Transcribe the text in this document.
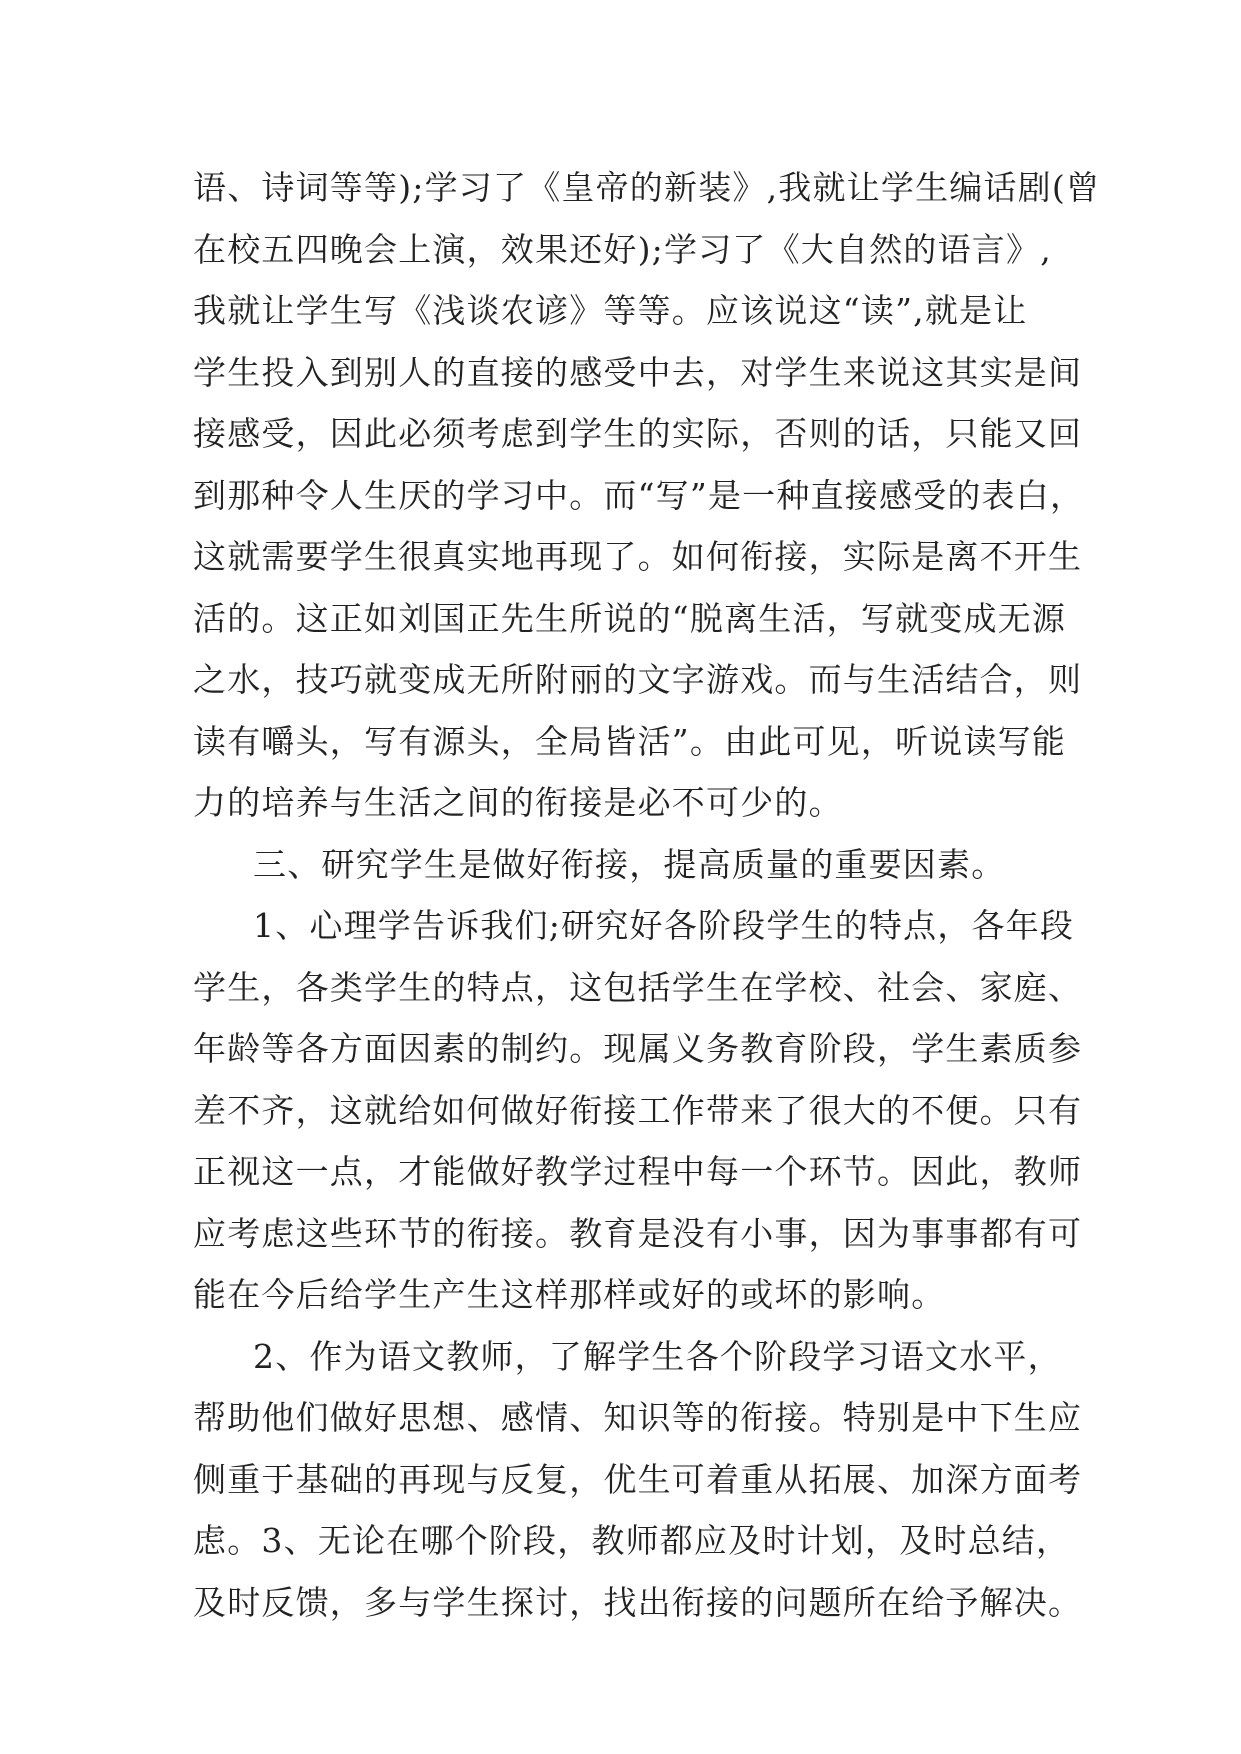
语、诗词等等);学习了《皇帝的新装》,我就让学生编话剧(曾
在校五四晚会上演，效果还好);学习了《大自然的语言》,
我就让学生写《浅谈农谚》等等。应该说这“读”,就是让
学生投入到别人的直接的感受中去，对学生来说这其实是间
接感受，因此必须考虑到学生的实际，否则的话，只能又回
到那种令人生厌的学习中。而“写”是一种直接感受的表白，
这就需要学生很真实地再现了。如何衔接，实际是离不开生
活的。这正如刘国正先生所说的“脱离生活，写就变成无源
之水，技巧就变成无所附丽的文字游戏。而与生活结合，则
读有嚼头，写有源头，全局皆活”。由此可见，听说读写能
力的培养与生活之间的衔接是必不可少的。
三、研究学生是做好衔接，提高质量的重要因素。
1、心理学告诉我们;研究好各阶段学生的特点，各年段
学生，各类学生的特点，这包括学生在学校、社会、家庭、
年龄等各方面因素的制约。现属义务教育阶段，学生素质参
差不齐，这就给如何做好衔接工作带来了很大的不便。只有
正视这一点，才能做好教学过程中每一个环节。因此，教师
应考虑这些环节的衔接。教育是没有小事，因为事事都有可
能在今后给学生产生这样那样或好的或坏的影响。
2、作为语文教师，了解学生各个阶段学习语文水平，
帮助他们做好思想、感情、知识等的衔接。特别是中下生应
侧重于基础的再现与反复，优生可着重从拓展、加深方面考
虑。3、无论在哪个阶段，教师都应及时计划，及时总结，
及时反馈，多与学生探讨，找出衔接的问题所在给予解决。
